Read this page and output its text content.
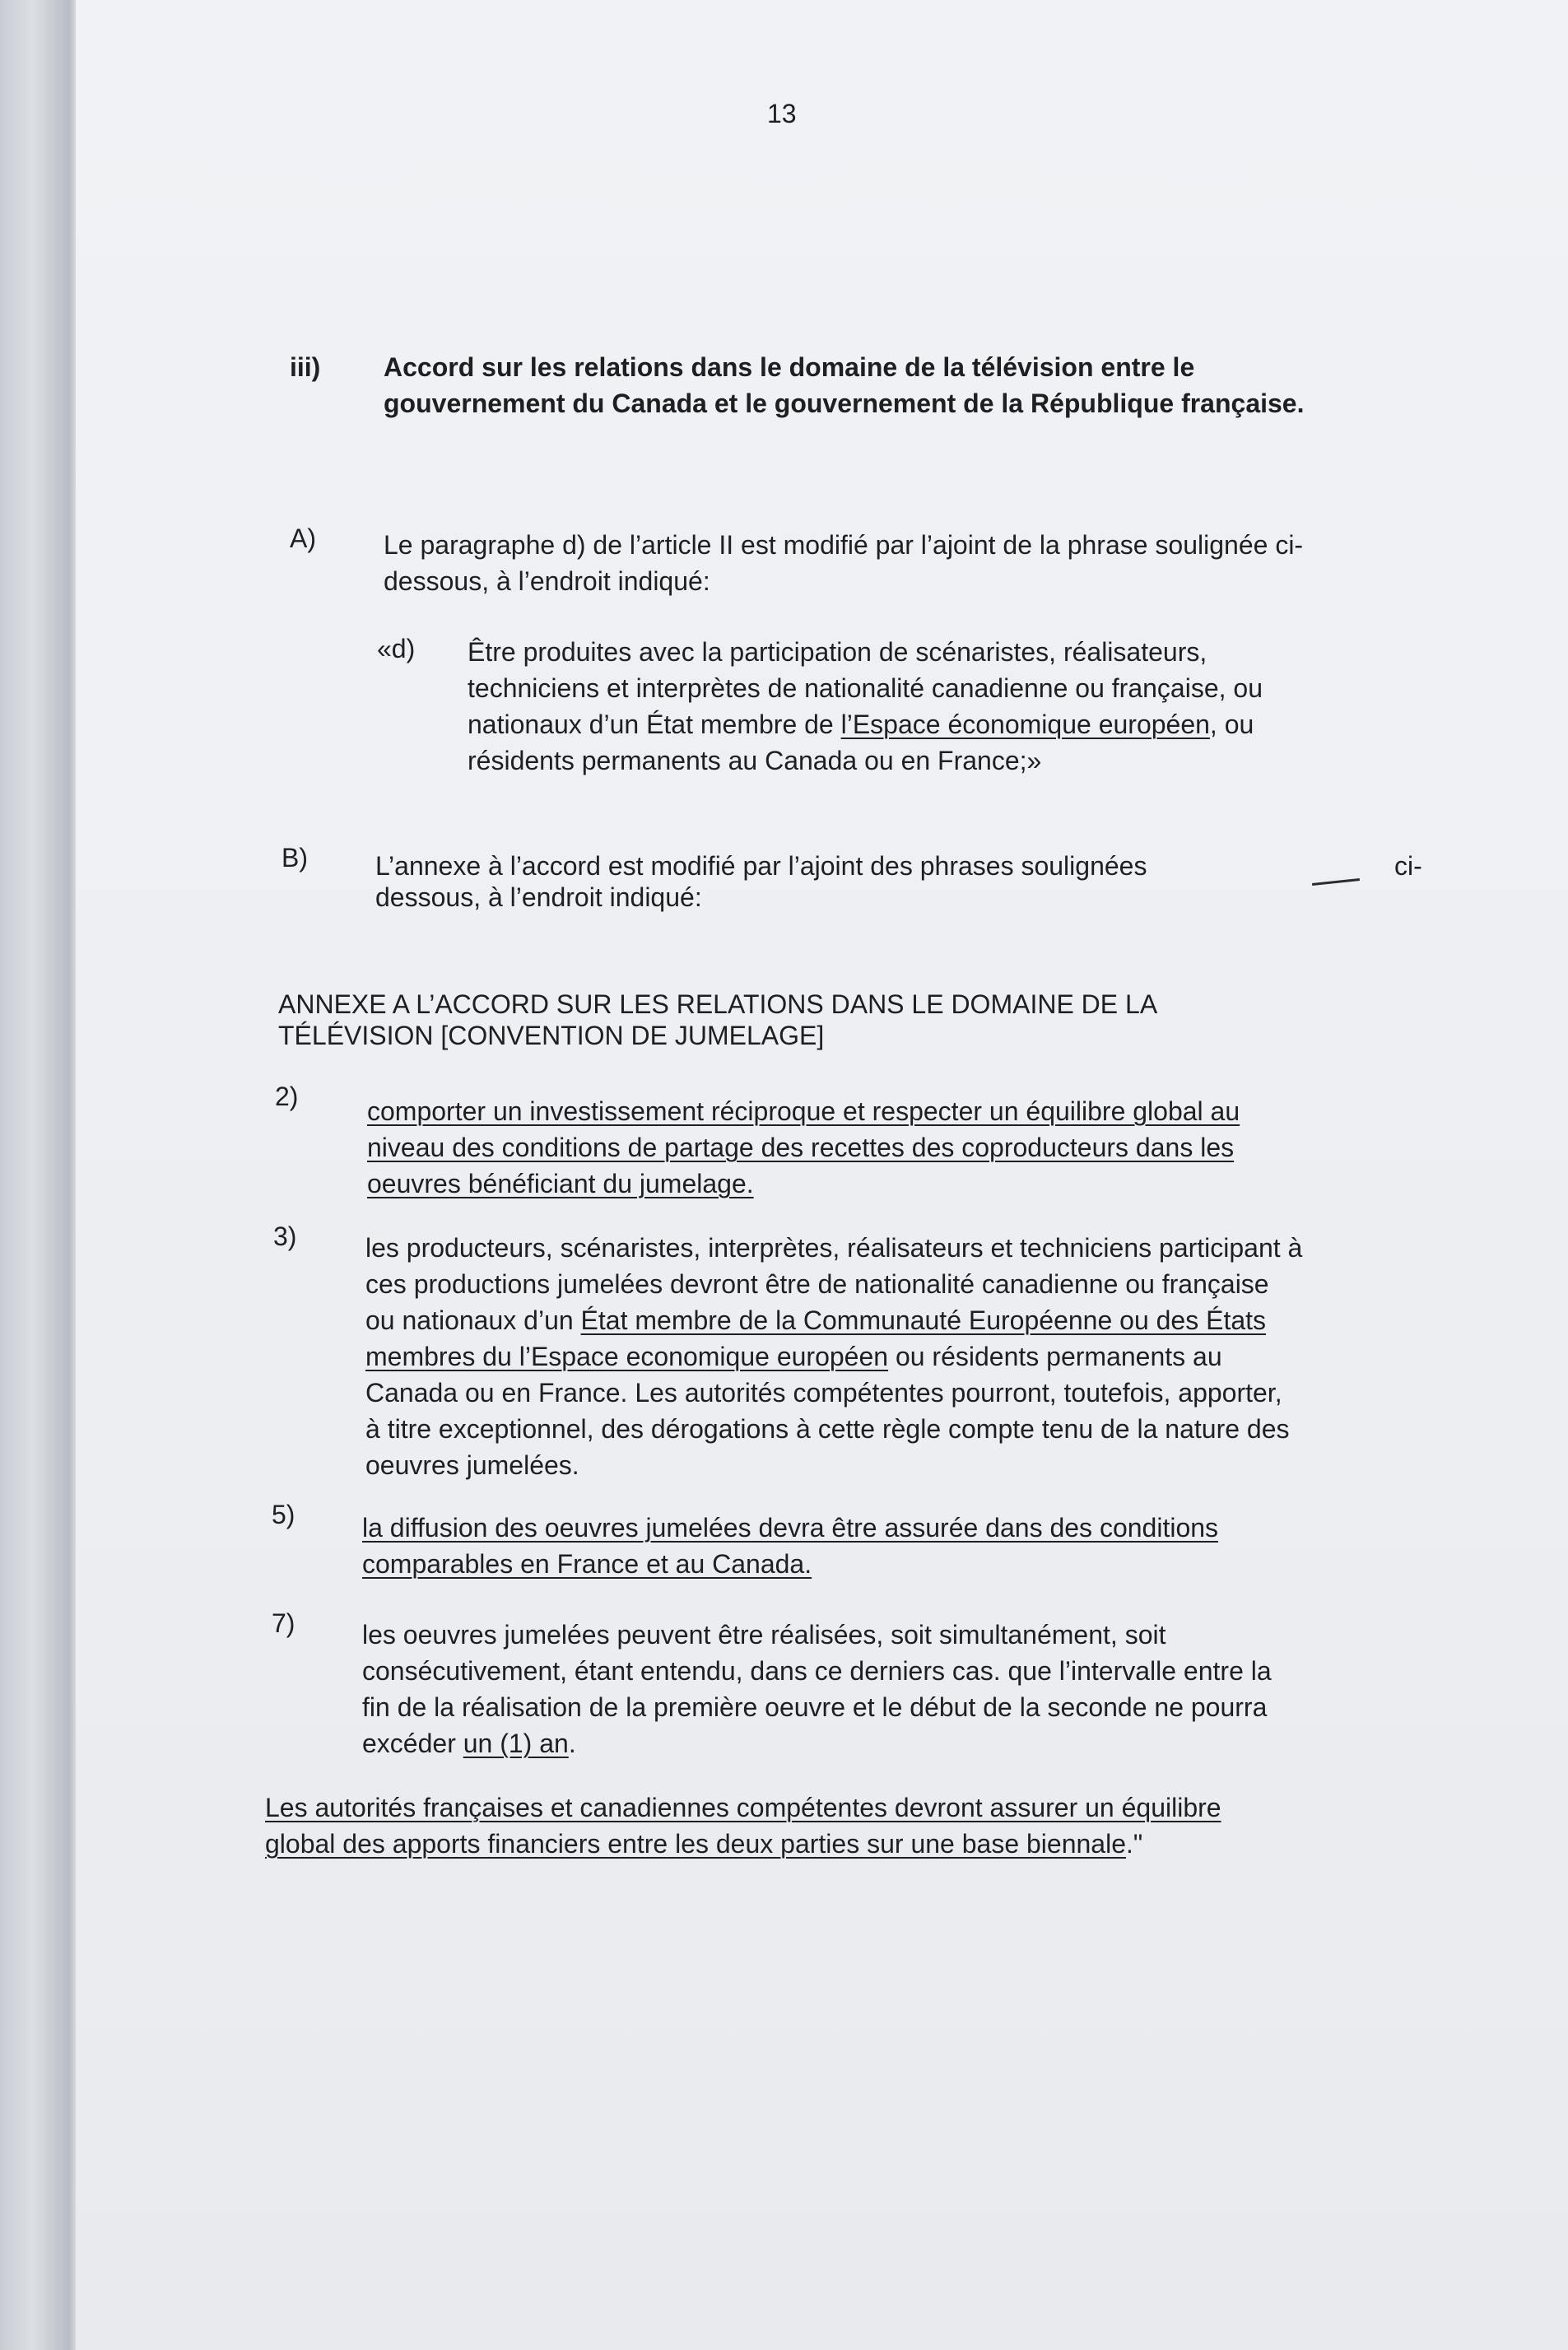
13

iii) Accord sur les relations dans le domaine de la télévision entre le

gouvernement du Canada et le gouvernement de la République française.

A)	Le paragraphe d) de l’article II est modifié par l’ajoint de la phrase soulignée ci-

dessous, à l’endroit indiqué:

«d) Être produites avec la participation de scénaristes, réalisateurs,

techniciens et interprètes de nationalité canadienne ou française, ou

nationaux d’un État membre de l’Espace économique européen, ou

résidents permanents au Canada ou en France;»

B)	L’annexe à l’accord est modifié par l’ajoint des phrases soulignées	ci-

dessous, à l’endroit indiqué:

ANNEXE A L’ACCORD SUR LES RELATIONS DANS LE DOMAINE DE LA

TÉLÉVISION [CONVENTION DE JUMELAGE]

2)	comporter un investissement réciproque et respecter un équilibre global au

niveau des conditions de partage des recettes des coproducteurs dans les

oeuvres bénéficiant du jumelage.

3)	les producteurs, scénaristes, interprètes, réalisateurs et techniciens participant à

ces productions jumelées devront être de nationalité canadienne ou française

ou nationaux d’un État membre de la Communauté Européenne ou des États

membres du l’Espace economique européen ou résidents permanents au

Canada ou en France. Les autorités compétentes pourront, toutefois, apporter,

à titre exceptionnel, des dérogations à cette règle compte tenu de la nature des

oeuvres jumelées.

5)	la diffusion des oeuvres jumelées devra être assurée dans des conditions

comparables en France et au Canada.

7)	les oeuvres jumelées peuvent être réalisées, soit simultanément, soit

consécutivement, étant entendu, dans ce derniers cas. que l’intervalle entre la

fin de la réalisation de la première oeuvre et le début de la seconde ne pourra

excéder un (1) an.

Les autorités françaises et canadiennes compétentes devront assurer un équilibre

global des apports financiers entre les deux parties sur une base biennale."
